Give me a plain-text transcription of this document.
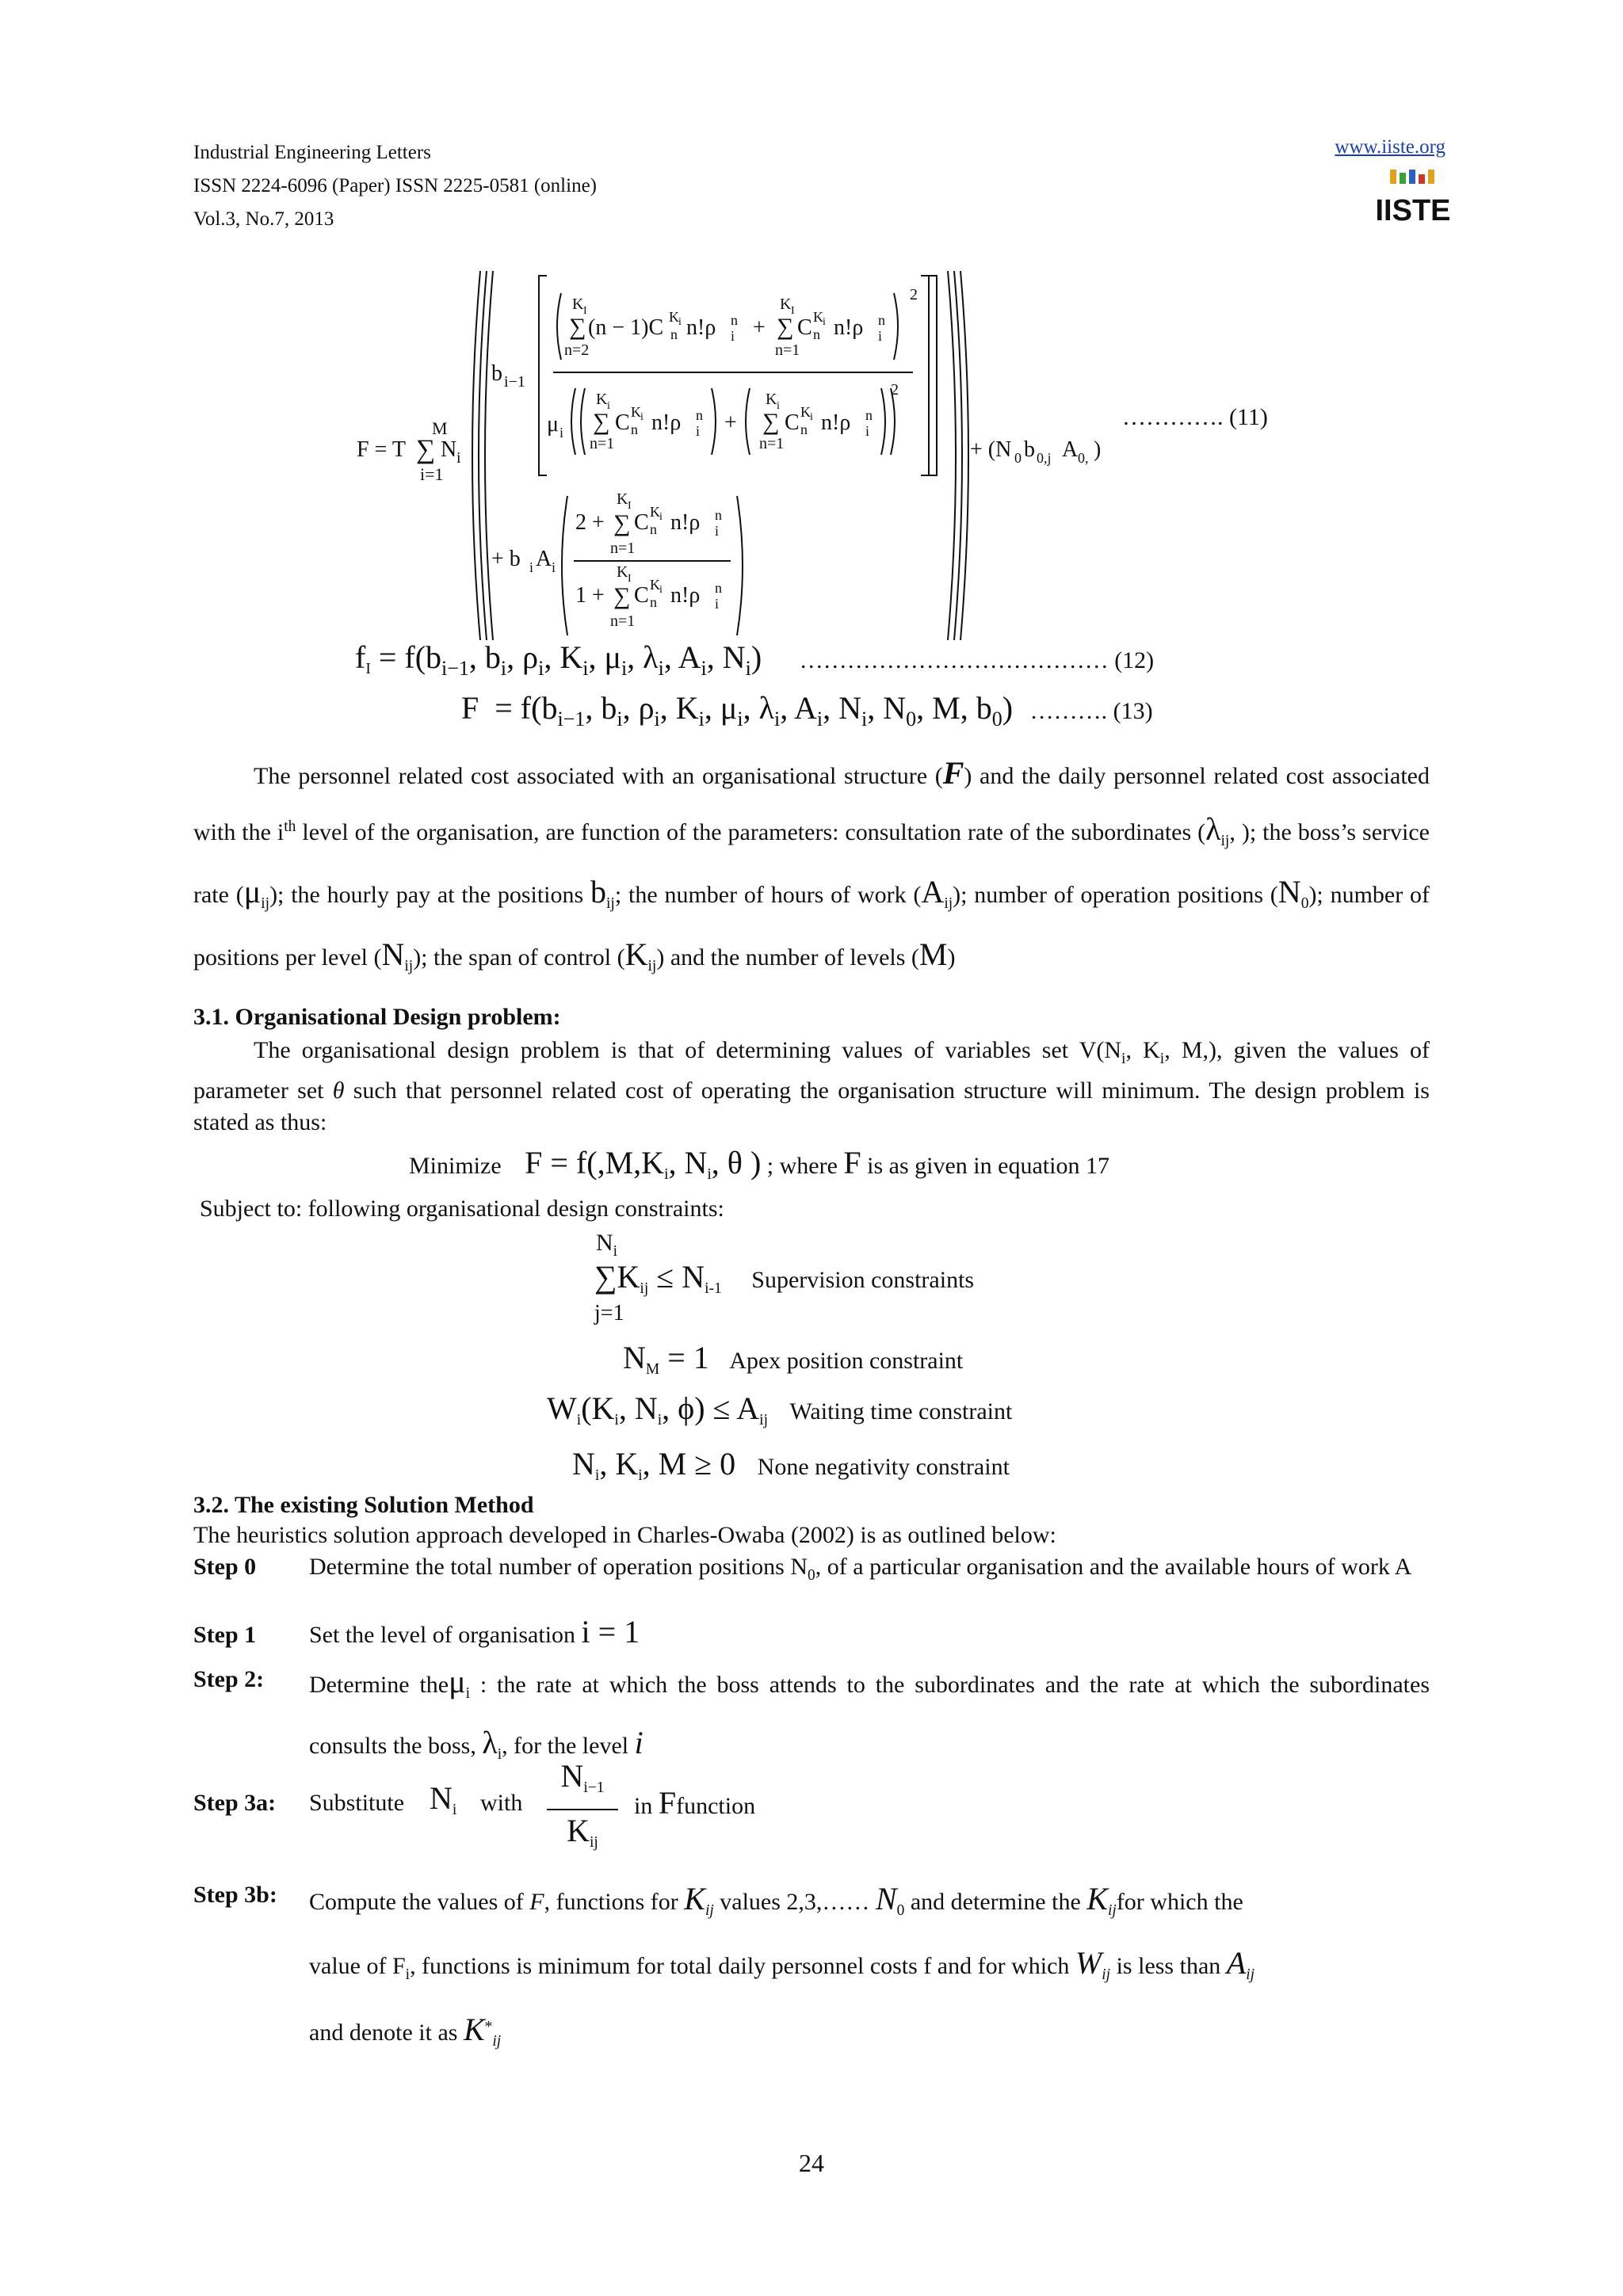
Industrial Engineering Letters
ISSN 2224-6096 (Paper) ISSN 2225-0581 (online)
Vol.3, No.7, 2013
www.iiste.org
IISTE
F = T
M
∑
i=1
N i
b i−1
K I
∑
n=2
(n − 1)C n
K i n!ρ i
n +
K I
∑
n=1
C n
K i n!ρ i
n
2
μ i
K i
∑
n=1
C n
K i n!ρ i
n +
K i
∑
n=1
C n
K i n!ρ i
n
2
+ (N 0 b 0,j A 0, )
…………. (11)
+ b i A i
2 +
K I
∑
n=1
C n
K i n!ρ i
n
1 +
K I
∑
n=1
C n
K i n!ρ i
n
$f_I = f(b_{i-1}$, $b_i$, $\rho_i$, $K_i$, $\mu_i$, $\lambda_i$, $A_i$, $N_i$) ………………………………… (12)
$F = f(b_{i-1}$, $b_i$, $\rho_i$, $K_i$, $\mu_i$, $\lambda_i$, $A_i$, $N_i$, $N_0$, M, $b_0$) ………. (13)
The personnel related cost associated with an organisational structure (F) and the daily personnel related cost associated with the $i^{th}$ level of the organisation, are function of the parameters: consultation rate of the subordinates ($\lambda_{ij}$, ); the boss’s service rate $(\mu_{ij})$; the hourly pay at the positions $b_{ij}$; the number of hours of work $(A_{ij})$; number of operation positions $(N_0)$; number of positions per level $(N_{ij})$; the span of control $(K_{ij})$ and the number of levels (M)
3.1. Organisational Design problem:
The organisational design problem is that of determining values of variables set $V(N_i$, $K_i$, M,), given the values of parameter set θ such that personnel related cost of operating the organisation structure will minimum. The design problem is stated as thus:
Minimize $F = f(,M,K_i$, $N_i$, θ ) ; where F is as given in equation 17
Subject to: following organisational design constraints:
$N_i$
$\sum K_{ij} \le N_{i-1}$ Supervision constraints
j=1
$N_M = 1$ Apex position constraint
$W_i(K_i$, $N_i$, $\phi) \le A_{ij}$ Waiting time constraint
$N_i$, $K_i$, M ≥ 0 None negativity constraint
3.2. The existing Solution Method
The heuristics solution approach developed in Charles-Owaba (2002) is as outlined below:
Step 0 Determine the total number of operation positions $N_0$, of a particular organisation and the available hours of work A
Step 1 Set the level of organisation i = 1
Step 2: Determine theμ$_i$ : the rate at which the boss attends to the subordinates and the rate at which the subordinates consults the boss, $\lambda_i$, for the level i
Step 3a: Substitute $N_i$ with
$N_{i-1}$
$K_{ij}$
in Ffunction
Step 3b: Compute the values of F, functions for $K_{ij}$ values 2,3,…… $N_0$ and determine the $K_{ij}for$ which the
value of $F_i$, functions is minimum for total daily personnel costs f and for which $W_{ij}$ is less than $A_{ij}$
and denote it as $K^*_{ij}$
24
